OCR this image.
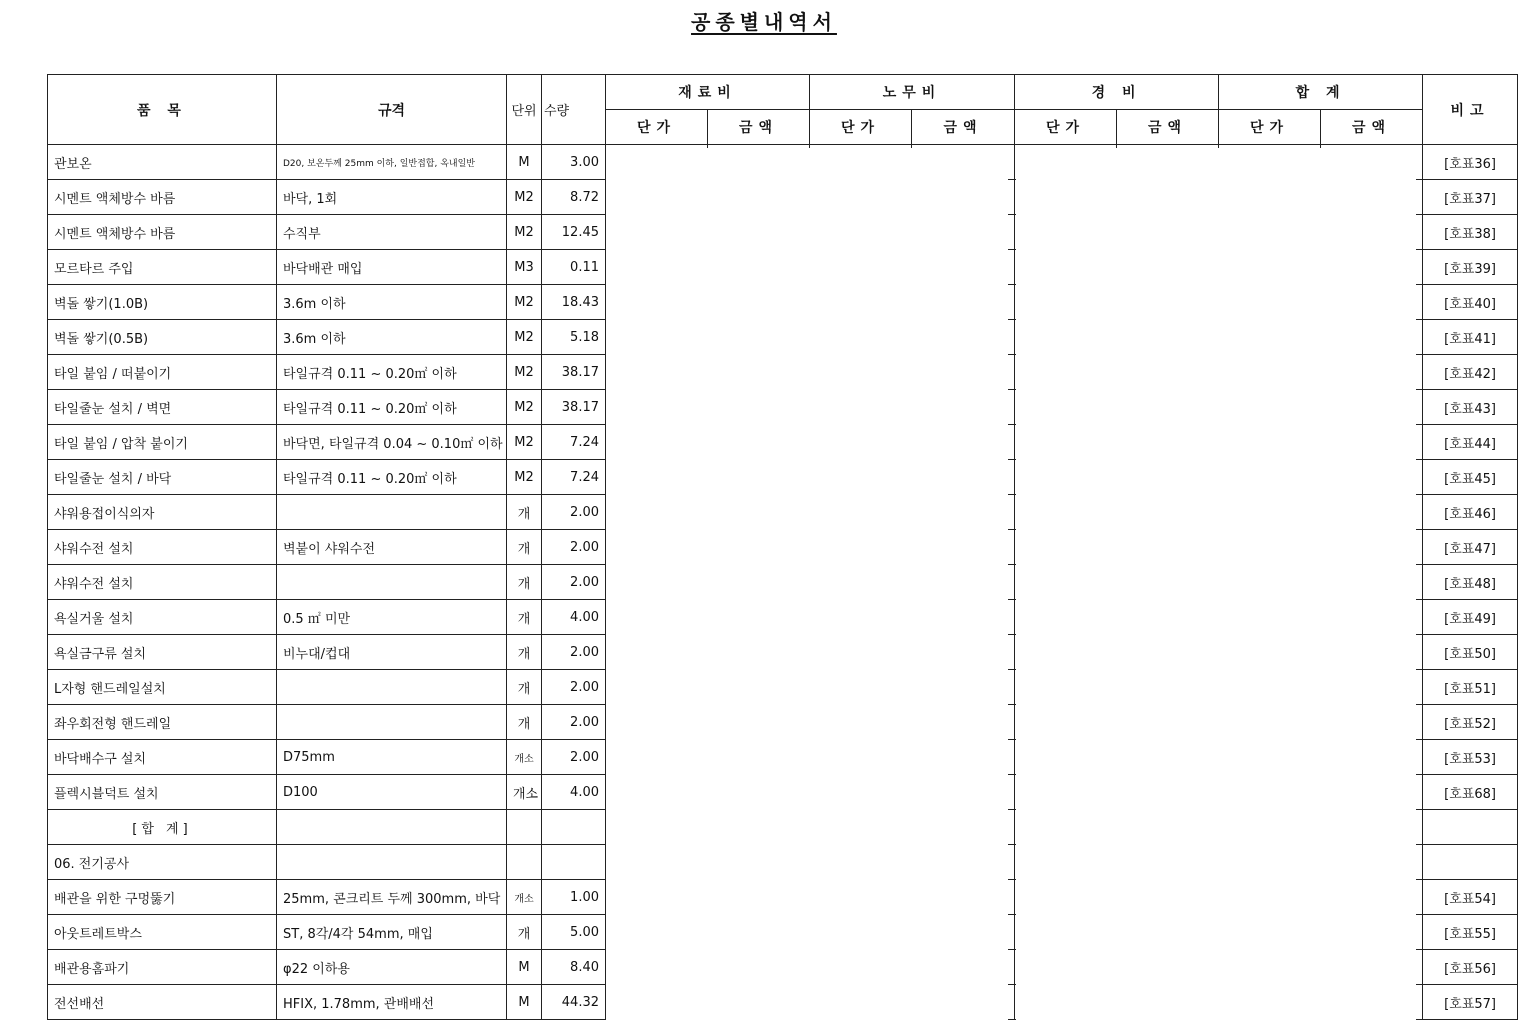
공종별내역서
품 목	규격	단위	수량	재료비		노무비		경 비		합 계		비고
				단가	금액	단가	금액	단가	금액	단가	금액	
관보온	D20, 보온두께 25mm 이하, 일반접합, 옥내일반	M	3.00									[호표36]
시멘트 액체방수 바름	바닥, 1회	M2	8.72									[호표37]
시멘트 액체방수 바름	수직부	M2	12.45									[호표38]
모르타르 주입	바닥배관 매입	M3	0.11									[호표39]
벽돌 쌓기(1.0B)	3.6m 이하	M2	18.43									[호표40]
벽돌 쌓기(0.5B)	3.6m 이하	M2	5.18									[호표41]
타일 붙임 / 떠붙이기	타일규격 0.11 ~ 0.20㎡ 이하	M2	38.17									[호표42]
타일줄눈 설치 / 벽면	타일규격 0.11 ~ 0.20㎡ 이하	M2	38.17									[호표43]
타일 붙임 / 압착 붙이기	바닥면, 타일규격 0.04 ~ 0.10㎡ 이하	M2	7.24									[호표44]
타일줄눈 설치 / 바닥	타일규격 0.11 ~ 0.20㎡ 이하	M2	7.24									[호표45]
샤워용접이식의자		개	2.00									[호표46]
샤워수전 설치	벽붙이 샤워수전	개	2.00									[호표47]
샤워수전 설치		개	2.00									[호표48]
욕실거울 설치	0.5 ㎡ 미만	개	4.00									[호표49]
욕실금구류 설치	비누대/컵대	개	2.00									[호표50]
L자형 핸드레일설치		개	2.00									[호표51]
좌우회전형 핸드레일		개	2.00									[호표52]
바닥배수구 설치	D75mm	개소	2.00									[호표53]
플렉시블덕트 설치	D100	개소	4.00									[호표68]
[합 계]												
06. 전기공사												
배관을 위한 구멍뚫기	25mm, 콘크리트 두께 300mm, 바닥	개소	1.00									[호표54]
아웃트레트박스	ST, 8각/4각 54mm, 매입	개	5.00									[호표55]
배관용홈파기	φ22 이하용	M	8.40									[호표56]
전선배선	HFIX, 1.78mm, 관배배선	M	44.32									[호표57]
